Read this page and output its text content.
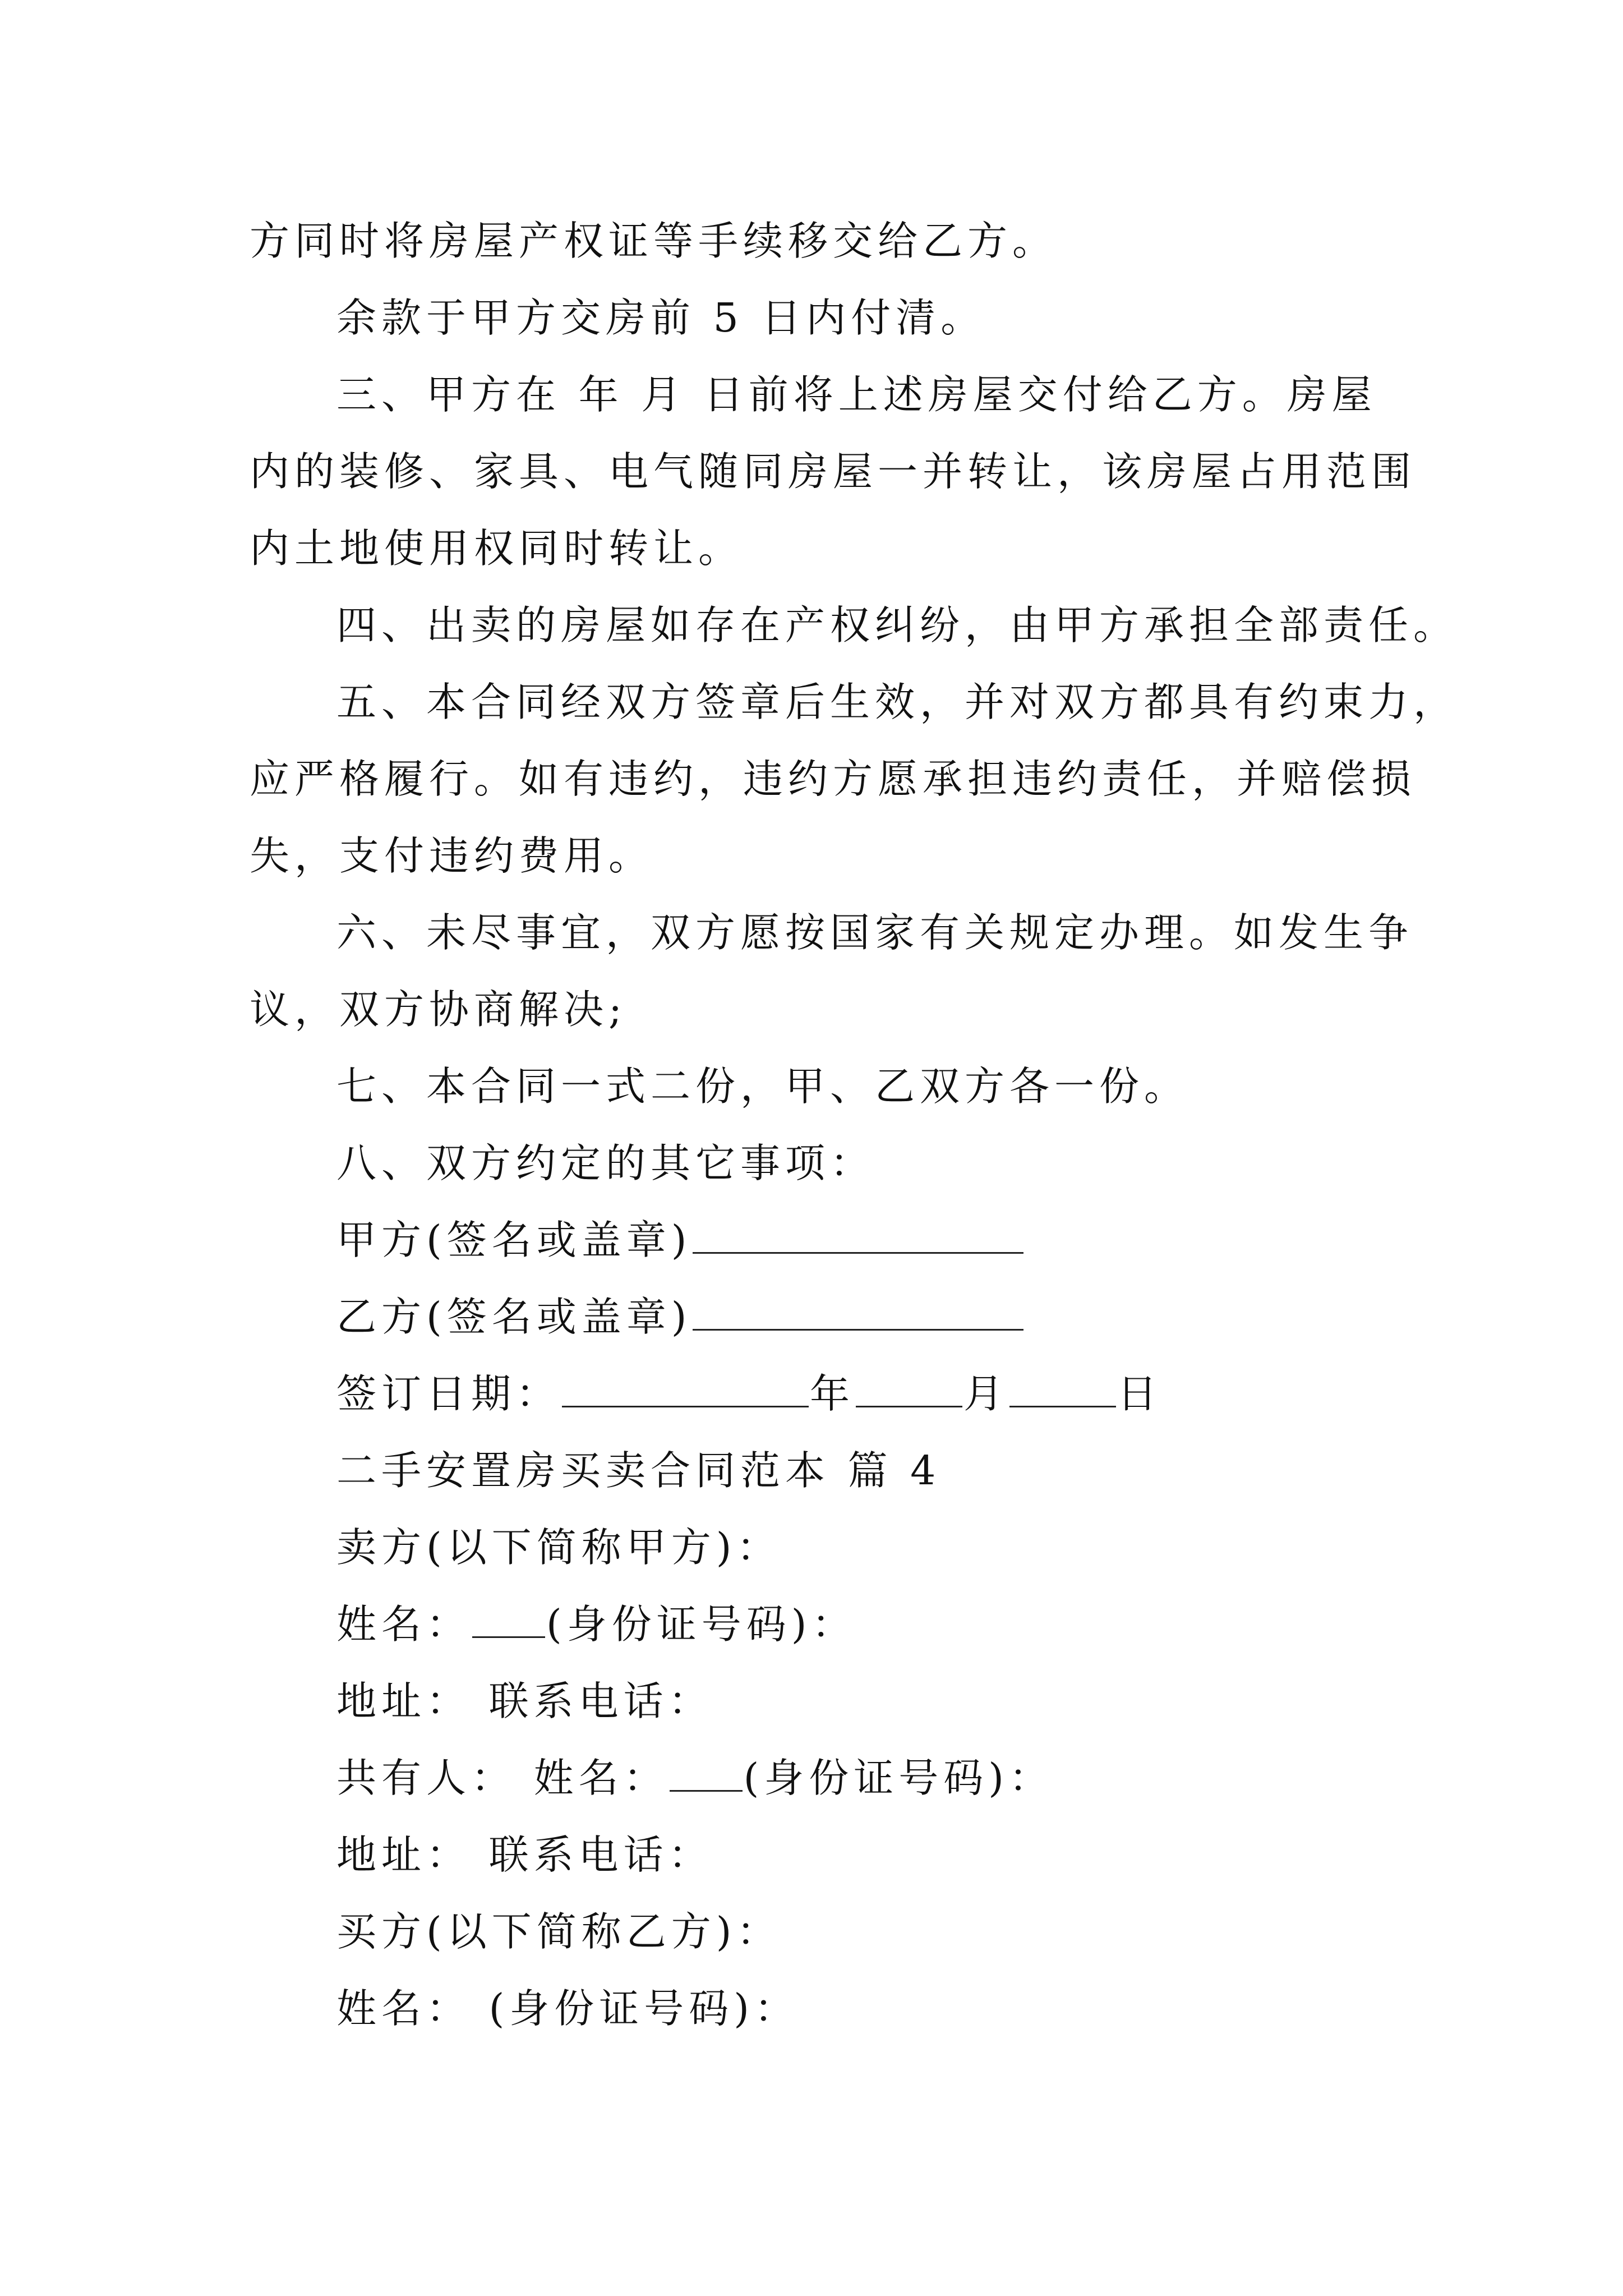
方同时将房屋产权证等手续移交给乙方。
余款于甲方交房前 5 日内付清。
三、甲方在 年 月 日前将上述房屋交付给乙方。房屋
内的装修、家具、电气随同房屋一并转让，该房屋占用范围
内土地使用权同时转让。
四、出卖的房屋如存在产权纠纷，由甲方承担全部责任。
五、本合同经双方签章后生效，并对双方都具有约束力，
应严格履行。如有违约，违约方愿承担违约责任，并赔偿损
失，支付违约费用。
六、未尽事宜，双方愿按国家有关规定办理。如发生争
议，双方协商解决;
七、本合同一式二份，甲、乙双方各一份。
八、双方约定的其它事项：
甲方(签名或盖章)
乙方(签名或盖章)
签订日期：	年	月	日
二手安置房买卖合同范本 篇 4
卖方(以下简称甲方)：
姓名： (身份证号码)：
地址： 联系电话：
共有人： 姓名： (身份证号码)：
地址： 联系电话：
买方(以下简称乙方)：
姓名： (身份证号码)：
